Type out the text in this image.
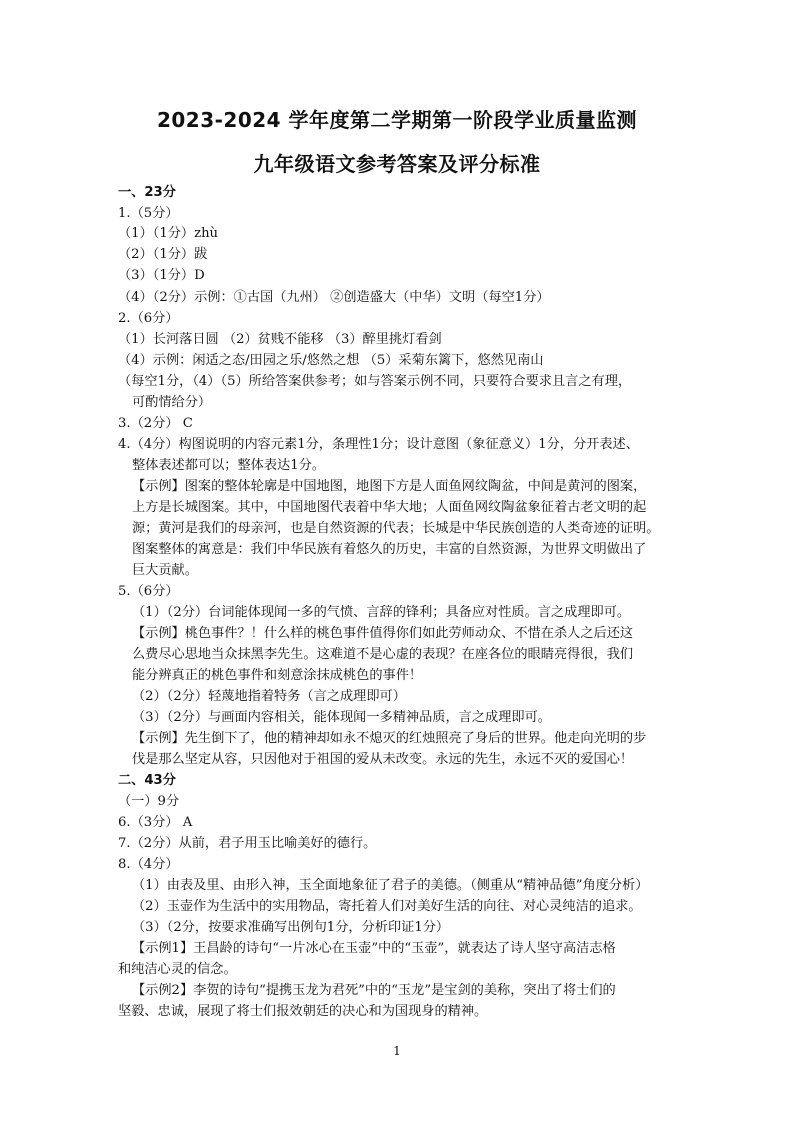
2023-2024 学年度第二学期第一阶段学业质量监测
九年级语文参考答案及评分标准
一、23分
1.（5分）
（1）（1分）zhù
（2）（1分）跋
（3）（1分）D
（4）（2分）示例：①古国（九州） ②创造盛大（中华）文明（每空1分）
2.（6分）
（1）长河落日圆 （2）贫贱不能移 （3）醉里挑灯看剑
（4）示例：闲适之态/田园之乐/悠然之想 （5）采菊东篱下，悠然见南山
（每空1分，（4）（5）所给答案供参考；如与答案示例不同，只要符合要求且言之有理，
可酌情给分）
3.（2分） C
4.（4分）构图说明的内容元素1分，条理性1分；设计意图（象征意义）1分，分开表述、
整体表述都可以；整体表达1分。
【示例】图案的整体轮廓是中国地图，地图下方是人面鱼网纹陶盆，中间是黄河的图案，
上方是长城图案。其中，中国地图代表着中华大地；人面鱼网纹陶盆象征着古老文明的起
源；黄河是我们的母亲河，也是自然资源的代表；长城是中华民族创造的人类奇迹的证明。
图案整体的寓意是：我们中华民族有着悠久的历史，丰富的自然资源，为世界文明做出了
巨大贡献。
5.（6分）
（1）（2分）台词能体现闻一多的气愤、言辞的锋利；具备应对性质。言之成理即可。
【示例】桃色事件？！什么样的桃色事件值得你们如此劳师动众、不惜在杀人之后还这
么费尽心思地当众抹黑李先生。这难道不是心虚的表现？在座各位的眼睛亮得很，我们
能分辨真正的桃色事件和刻意涂抹成桃色的事件！
（2）（2分）轻蔑地指着特务（言之成理即可）
（3）（2分）与画面内容相关，能体现闻一多精神品质，言之成理即可。
【示例】先生倒下了，他的精神却如永不熄灭的红烛照亮了身后的世界。他走向光明的步
伐是那么坚定从容，只因他对于祖国的爱从未改变。永远的先生，永远不灭的爱国心！
二、43分
（一）9分
6.（3分） A
7.（2分）从前，君子用玉比喻美好的德行。
8.（4分）
（1）由表及里、由形入神，玉全面地象征了君子的美德。（侧重从“精神品德”角度分析）
（2）玉壶作为生活中的实用物品，寄托着人们对美好生活的向往、对心灵纯洁的追求。
（3）（2分，按要求准确写出例句1分，分析印证1分）
【示例1】王昌龄的诗句“一片冰心在玉壶”中的“玉壶”，就表达了诗人坚守高洁志格
和纯洁心灵的信念。
【示例2】李贺的诗句“提携玉龙为君死”中的“玉龙”是宝剑的美称，突出了将士们的
坚毅、忠诚，展现了将士们报效朝廷的决心和为国现身的精神。
1
